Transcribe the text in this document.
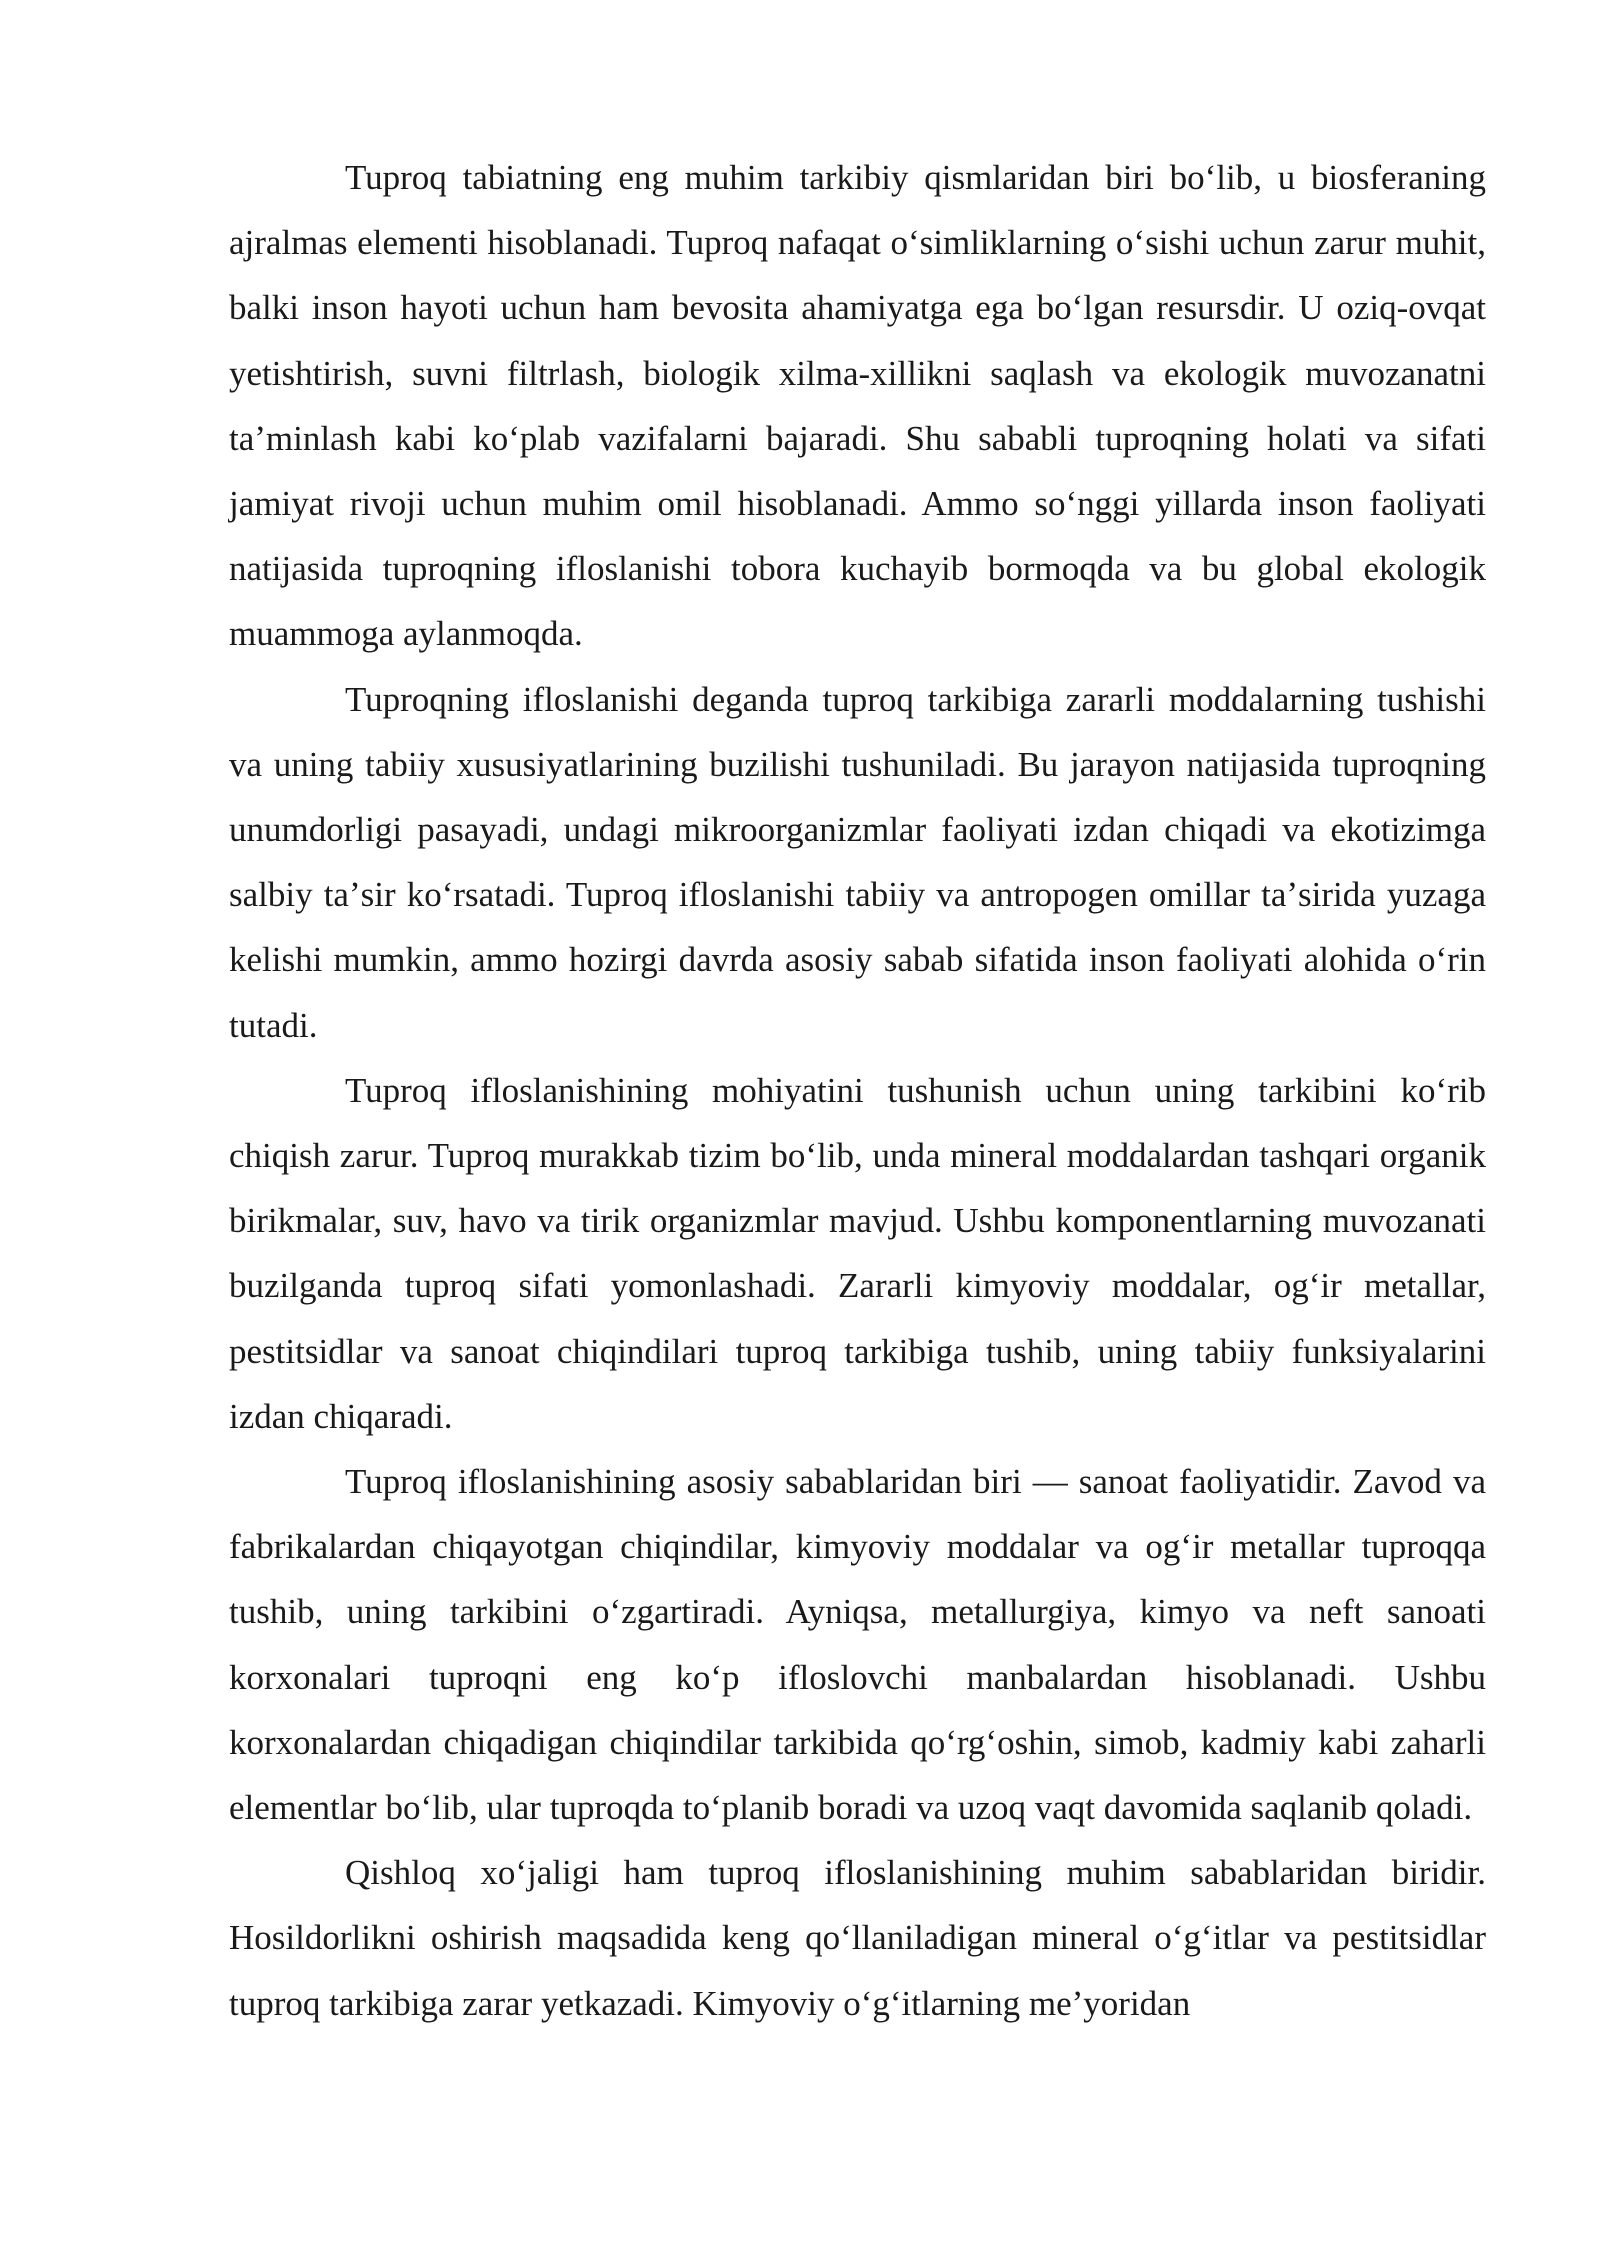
Tuproq tabiatning eng muhim tarkibiy qismlaridan biri boʻlib, u biosferaning ajralmas elementi hisoblanadi. Tuproq nafaqat oʻsimliklarning oʻsishi uchun zarur muhit, balki inson hayoti uchun ham bevosita ahamiyatga ega boʻlgan resursdir. U oziq-ovqat yetishtirish, suvni filtrlash, biologik xilma-xillikni saqlash va ekologik muvozanatni taʼminlash kabi koʻplab vazifalarni bajaradi. Shu sababli tuproqning holati va sifati jamiyat rivoji uchun muhim omil hisoblanadi. Ammo soʻnggi yillarda inson faoliyati natijasida tuproqning ifloslanishi tobora kuchayib bormoqda va bu global ekologik muammoga aylanmoqda.

Tuproqning ifloslanishi deganda tuproq tarkibiga zararli moddalarning tushishi va uning tabiiy xususiyatlarining buzilishi tushuniladi. Bu jarayon natijasida tuproqning unumdorligi pasayadi, undagi mikroorganizmlar faoliyati izdan chiqadi va ekotizimga salbiy taʼsir koʻrsatadi. Tuproq ifloslanishi tabiiy va antropogen omillar taʼsirida yuzaga kelishi mumkin, ammo hozirgi davrda asosiy sabab sifatida inson faoliyati alohida oʻrin tutadi.

Tuproq ifloslanishining mohiyatini tushunish uchun uning tarkibini koʻrib chiqish zarur. Tuproq murakkab tizim boʻlib, unda mineral moddalardan tashqari organik birikmalar, suv, havo va tirik organizmlar mavjud. Ushbu komponentlarning muvozanati buzilganda tuproq sifati yomonlashadi. Zararli kimyoviy moddalar, ogʻir metallar, pestitsidlar va sanoat chiqindilari tuproq tarkibiga tushib, uning tabiiy funksiyalarini izdan chiqaradi.

Tuproq ifloslanishining asosiy sabablaridan biri — sanoat faoliyatidir. Zavod va fabrikalardan chiqayotgan chiqindilar, kimyoviy moddalar va ogʻir metallar tuproqqa tushib, uning tarkibini oʻzgartiradi. Ayniqsa, metallurgiya, kimyo va neft sanoati korxonalari tuproqni eng koʻp ifloslovchi manbalardan hisoblanadi. Ushbu korxonalardan chiqadigan chiqindilar tarkibida qoʻrgʻoshin, simob, kadmiy kabi zaharli elementlar boʻlib, ular tuproqda toʻplanib boradi va uzoq vaqt davomida saqlanib qoladi.

Qishloq xoʻjaligi ham tuproq ifloslanishining muhim sabablaridan biridir. Hosildorlikni oshirish maqsadida keng qoʻllaniladigan mineral oʻgʻitlar va pestitsidlar tuproq tarkibiga zarar yetkazadi. Kimyoviy oʻgʻitlarning meʼyoridan
